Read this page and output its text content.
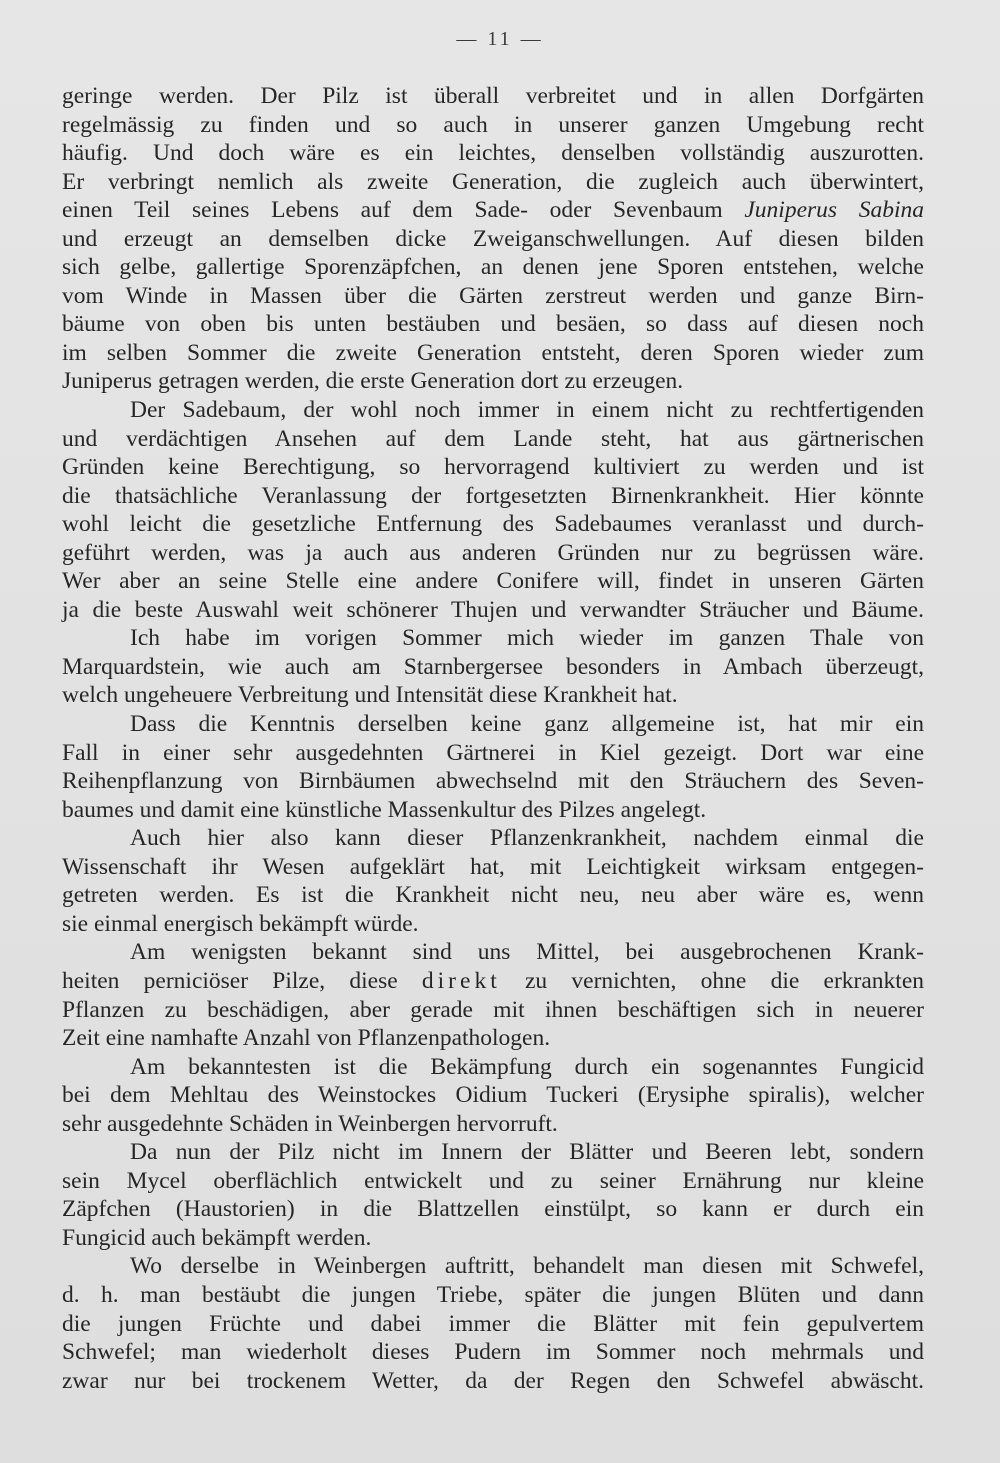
— 11 —
geringe werden. Der Pilz ist überall verbreitet und in allen Dorfgärten
regelmässig zu finden und so auch in unserer ganzen Umgebung recht
häufig. Und doch wäre es ein leichtes, denselben vollständig auszurotten.
Er verbringt nemlich als zweite Generation, die zugleich auch überwintert,
einen Teil seines Lebens auf dem Sade- oder Sevenbaum Juniperus Sabina
und erzeugt an demselben dicke Zweiganschwellungen. Auf diesen bilden
sich gelbe, gallertige Sporenzäpfchen, an denen jene Sporen entstehen, welche
vom Winde in Massen über die Gärten zerstreut werden und ganze Birn-
bäume von oben bis unten bestäuben und besäen, so dass auf diesen noch
im selben Sommer die zweite Generation entsteht, deren Sporen wieder zum
Juniperus getragen werden, die erste Generation dort zu erzeugen.
Der Sadebaum, der wohl noch immer in einem nicht zu rechtfertigenden
und verdächtigen Ansehen auf dem Lande steht, hat aus gärtnerischen
Gründen keine Berechtigung, so hervorragend kultiviert zu werden und ist
die thatsächliche Veranlassung der fortgesetzten Birnenkrankheit. Hier könnte
wohl leicht die gesetzliche Entfernung des Sadebaumes veranlasst und durch-
geführt werden, was ja auch aus anderen Gründen nur zu begrüssen wäre.
Wer aber an seine Stelle eine andere Conifere will, findet in unseren Gärten
ja die beste Auswahl weit schönerer Thujen und verwandter Sträucher und Bäume.
Ich habe im vorigen Sommer mich wieder im ganzen Thale von
Marquardstein, wie auch am Starnbergersee besonders in Ambach überzeugt,
welch ungeheuere Verbreitung und Intensität diese Krankheit hat.
Dass die Kenntnis derselben keine ganz allgemeine ist, hat mir ein
Fall in einer sehr ausgedehnten Gärtnerei in Kiel gezeigt. Dort war eine
Reihenpflanzung von Birnbäumen abwechselnd mit den Sträuchern des Seven-
baumes und damit eine künstliche Massenkultur des Pilzes angelegt.
Auch hier also kann dieser Pflanzenkrankheit, nachdem einmal die
Wissenschaft ihr Wesen aufgeklärt hat, mit Leichtigkeit wirksam entgegen-
getreten werden. Es ist die Krankheit nicht neu, neu aber wäre es, wenn
sie einmal energisch bekämpft würde.
Am wenigsten bekannt sind uns Mittel, bei ausgebrochenen Krank-
heiten perniciöser Pilze, diese direkt zu vernichten, ohne die erkrankten
Pflanzen zu beschädigen, aber gerade mit ihnen beschäftigen sich in neuerer
Zeit eine namhafte Anzahl von Pflanzenpathologen.
Am bekanntesten ist die Bekämpfung durch ein sogenanntes Fungicid
bei dem Mehltau des Weinstockes Oidium Tuckeri (Erysiphe spiralis), welcher
sehr ausgedehnte Schäden in Weinbergen hervorruft.
Da nun der Pilz nicht im Innern der Blätter und Beeren lebt, sondern
sein Mycel oberflächlich entwickelt und zu seiner Ernährung nur kleine
Zäpfchen (Haustorien) in die Blattzellen einstülpt, so kann er durch ein
Fungicid auch bekämpft werden.
Wo derselbe in Weinbergen auftritt, behandelt man diesen mit Schwefel,
d. h. man bestäubt die jungen Triebe, später die jungen Blüten und dann
die jungen Früchte und dabei immer die Blätter mit fein gepulvertem
Schwefel; man wiederholt dieses Pudern im Sommer noch mehrmals und
zwar nur bei trockenem Wetter, da der Regen den Schwefel abwäscht.
